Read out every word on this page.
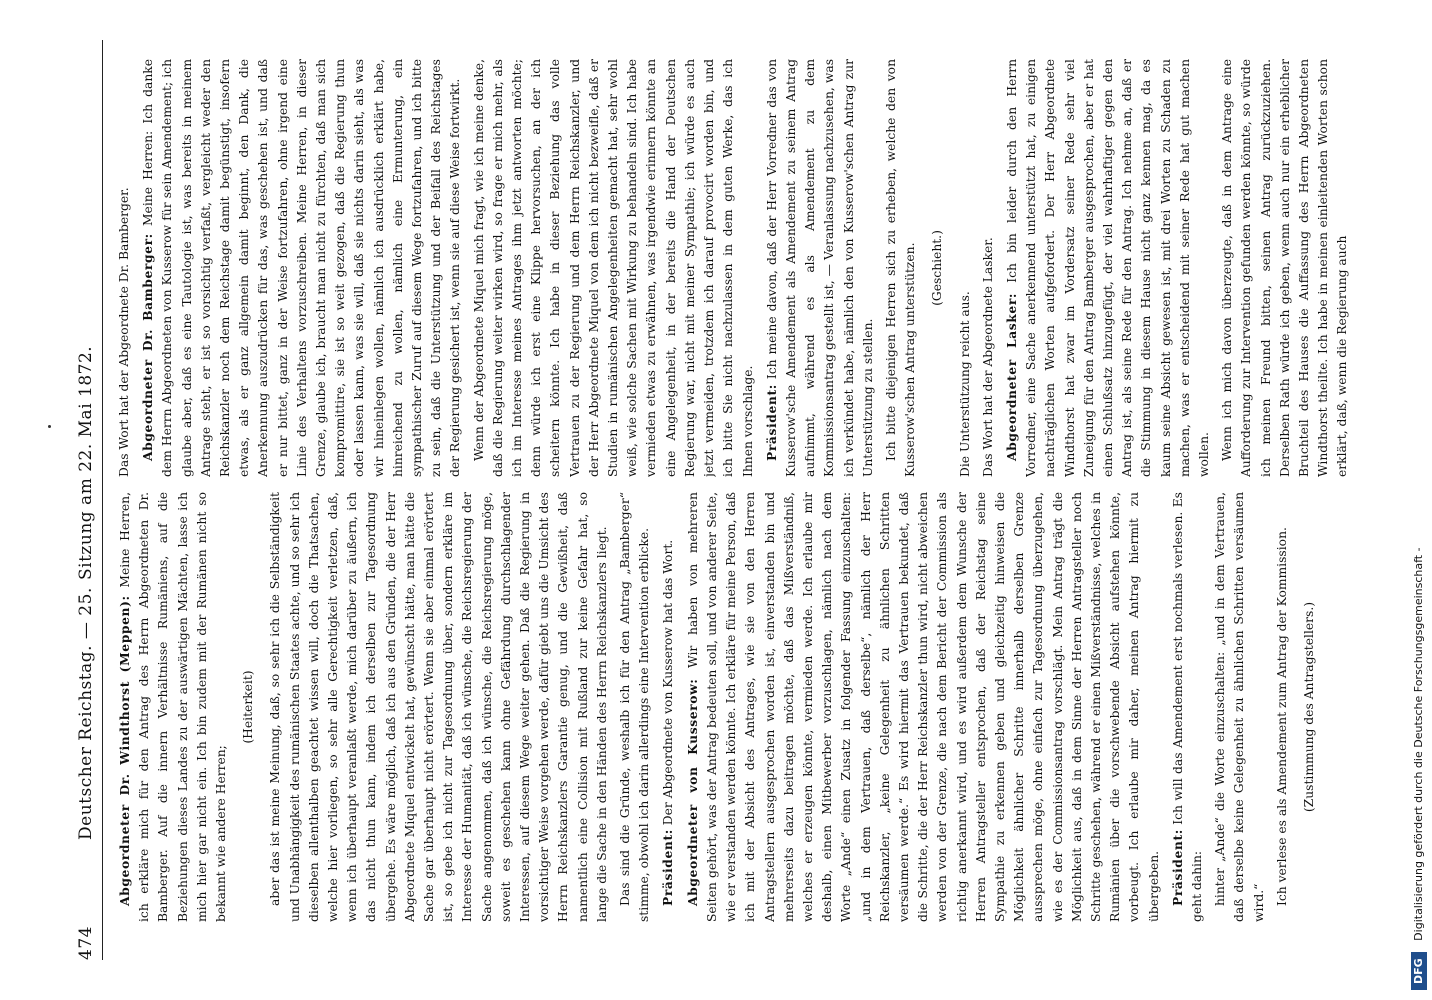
474
Deutscher Reichstag. — 25.
Sitzung am 22. Mai 1872.

Abgeordneter Dr. Windthorst (Meppen): Meine Herren, ich erkläre mich für den Antrag des Herrn Abgeordneten Dr. Bamberger. Auf die innern Verhältnisse Rumäniens, auf die Beziehungen dieses Landes zu der auswärtigen Mächten, lasse ich mich hier gar nicht ein. Ich bin zudem mit der Rumänen nicht so bekannt wie andere Herren;

(Heiterkeit) aber das ist meine Meinung, daß, so sehr ich die Selbständigkeit und Unabhängigkeit des rumänischen Staates achte, und so sehr ich dieselben allenthalben geachtet wissen will, doch die Thatsachen, welche hier vorliegen, so sehr alle Gerechtigkeit verletzen, daß, wenn ich überhaupt veranlaßt werde, mich darüber zu äußern, ich das nicht thun kann, indem ich derselben zur Tagesordnung übergehe. Es wäre möglich, daß ich aus den Gründen, die der Herr Abgeordnete Miquel entwickelt hat, gewünscht hätte, man hätte die Sache gar überhaupt nicht erörtert. Wenn sie aber einmal erörtert ist, so gebe ich nicht zur Tagesordnung über, sondern erkläre im Interesse der Humanität, daß ich wünsche, die Reichsregierung der Sache angenommen, daß ich wünsche, die Reichsregierung möge, soweit es geschehen kann ohne Gefährdung durchschlagender Interessen, auf diesem Wege weiter gehen. Daß die Regierung in vorsichtiger Weise vorgehen werde, dafür giebt uns die Umsicht des Herrn Reichskanzlers Garantie genug, und die Gewißheit, daß namentlich eine Collision mit Rußland zur keine Gefahr hat, so lange die Sache in den Händen des Herrn Reichskanzlers liegt. Das sind die Gründe, weshalb ich für den Antrag „Bamberger“ stimme, obwohl ich darin allerdings eine Intervention erblicke. Präsident: Der Abgeordnete von Kusserow hat das Wort. Abgeordneter von Kusserow: Wir haben von mehreren Seiten gehört, was der Antrag bedeuten soll, und von anderer Seite, wie er verstanden werden könnte. Ich erkläre für meine Person, daß ich mit der Absicht des Antrages, wie sie von den Herren Antragstellern ausgesprochen worden ist, einverstanden bin und mehrerseits dazu beitragen möchte, daß das Mißverständniß, welches er erzeugen könnte, vermieden werde. Ich erlaube mir deshalb, einen Mitbewerber vorzuschlagen, nämlich nach dem Worte „Ande“ einen Zusatz in folgender Fassung einzuschalten: „und in dem Vertrauen, daß derselbe“, nämlich der Herr Reichskanzler, „keine Gelegenheit zu ähnlichen Schritten versäumen werde.“ Es wird hiermit das Vertrauen bekundet, daß die Schritte, die der Herr Reichskanzler thun wird, nicht abweichen werden von der Grenze, die nach dem Bericht der Commission als richtig anerkannt wird, und es wird außerdem dem Wunsche der Herren Antragsteller entsprochen, daß der Reichstag seine Sympathie zu erkennen geben und gleichzeitig hinweisen die Möglichkeit ähnlicher Schritte innerhalb derselben Grenze aussprechen möge, ohne einfach zur Tagesordnung überzugehen, wie es der Commissionsantrag vorschlägt. Mein Antrag trägt die Möglichkeit aus, daß in dem Sinne der Herren Antragsteller noch Schritte geschehen, während er einen Mißverständnisse, welches in Rumänien über die vorschwebende Absicht aufstehen könnte, vorbeugt. Ich erlaube mir daher, meinen Antrag hiermit zu übergeben. Präsident: Ich will das Amendement erst nochmals verlesen. Es geht dahin: hinter „Ande“ die Worte einzuschalten: „und in dem Vertrauen, daß derselbe keine Gelegenheit zu ähnlichen Schritten versäumen wird.“ Ich verlese es als Amendement zum Antrag der Kommission. (Zustimmung des Antragstellers.)

Das Wort hat der Abgeordnete Dr. Bamberger. Abgeordneter Dr. Bamberger: Meine Herren: Ich danke dem Herrn Abgeordneten von Kusserow für sein Amendement; ich glaube aber, daß es eine Tautologie ist, was bereits in meinem Antrage steht, er ist so vorsichtig verfaßt, vergleicht weder den Reichskanzler noch dem Reichstage damit begünstigt, insofern etwas, als er ganz allgemein damit beginnt, den Dank, die Anerkennung auszudrücken für das, was geschehen ist, und daß er nur bittet, ganz in der Weise fortzufahren, ohne irgend eine Linie des Verhaltens vorzuschreiben. Meine Herren, in dieser Grenze, glaube ich, braucht man nicht zu fürchten, daß man sich kompromittire, sie ist so weit gezogen, daß die Regierung thun oder lassen kann, was sie will, daß sie nichts darin sieht, als was wir hineinlegen wollen, nämlich ich ausdrücklich erklärt habe, hinreichend zu wollen, nämlich eine Ermunterung, ein sympathischer Zuruf auf diesem Wege fortzufahren, und ich bitte zu sein, daß die Unterstützung und der Beifall des Reichstages der Regierung gesichert ist, wenn sie auf diese Weise fortwirkt. Wenn der Abgeordnete Miquel mich fragt, wie ich meine denke, daß die Regierung weiter wirken wird, so frage er mich mehr, als ich im Interesse meines Antrages ihm jetzt antworten möchte; denn würde ich erst eine Klippe hervorsuchen, an der ich scheitern könnte. Ich habe in dieser Beziehung das volle Vertrauen zu der Regierung und dem Herrn Reichskanzler, und der Herr Abgeordnete Miquel von dem ich nicht bezweifle, daß er Studien in rumänischen Angelegenheiten gemacht hat, sehr wohl weiß, wie solche Sachen mit Wirkung zu behandeln sind. Ich habe vermieden etwas zu erwähnen, was irgendwie erinnern könnte an eine Angelegenheit, in der bereits die Hand der Deutschen Regierung war, nicht mit meiner Sympathie; ich würde es auch jetzt vermeiden, trotzdem ich darauf provocirt worden bin, und ich bitte Sie nicht nachzulassen in dem guten Werke, das ich Ihnen vorschlage. Präsident: Ich meine davon, daß der Herr Vorredner das von Kusserow'sche Amendement als Amendement zu seinem Antrag aufnimmt, während es als Amendement zu dem Kommissionsantrag gestellt ist, — Veranlassung nachzusehen, was ich verkündet habe, nämlich den von Kusserow'schen Antrag zur Unterstützung zu stellen. Ich bitte diejenigen Herren sich zu erheben, welche den von Kusserow'schen Antrag unterstützen. (Geschieht.)

Die Unterstützung reicht aus. Das Wort hat der Abgeordnete Lasker. Abgeordneter Lasker: Ich bin leider durch den Herrn Vorredner, eine Sache anerkennend unterstützt hat, zu einigen nachträglichen Worten aufgefordert. Der Herr Abgeordnete Windthorst hat zwar im Vordersatz seiner Rede sehr viel Zuneigung für den Antrag Bamberger ausgesprochen, aber er hat einen Schlußsatz hinzugefügt, der viel wahrhaftiger gegen den Antrag ist, als seine Rede für den Antrag. Ich nehme an, daß er die Stimmung in diesem Hause nicht ganz kennen mag, da es kaum seine Absicht gewesen ist, mit drei Worten zu Schaden zu machen, was er entscheidend mit seiner Rede hat gut machen wollen. Wenn ich mich davon überzeugte, daß in dem Antrage eine Aufforderung zur Intervention gefunden werden könnte, so würde ich meinen Freund bitten, seinen Antrag zurückzuziehen. Derselben Rath würde ich geben, wenn auch nur ein erheblicher Bruchteil des Hauses die Auffassung des Herrn Abgeordneten Windthorst theilte. Ich habe in meinen einleitenden Worten schon erklärt, daß, wenn die Regierung auch

DFG Digitalisierung gefördert durch die Deutsche Forschungsgemeinschaft -
